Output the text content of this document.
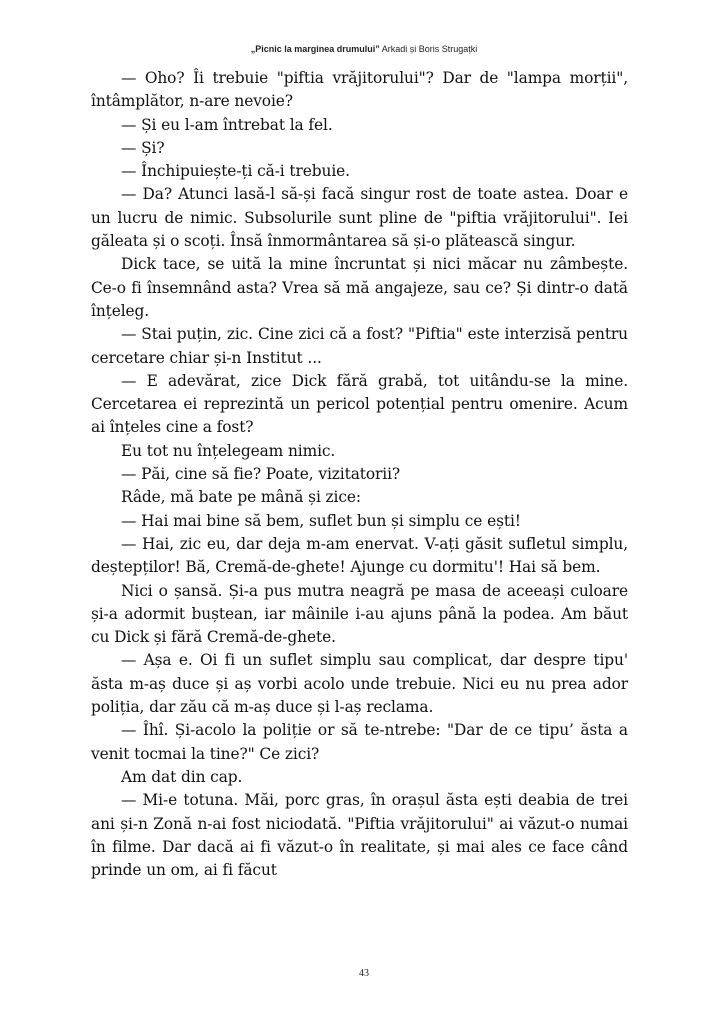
„Picnic la marginea drumului” Arkadi și Boris Strugațki

— Oho? Îi trebuie "piftia vrăjitorului"? Dar de "lampa morții", întâmplător, n-are nevoie?

— Și eu l-am întrebat la fel.

— Și?

— Închipuiește-ți că-i trebuie.

— Da? Atunci lasă-l să-și facă singur rost de toate astea. Doar e un lucru de nimic. Subsolurile sunt pline de "piftia vrăjitorului". Iei găleata și o scoți. Însă înmormântarea să și-o plătească singur.

Dick tace, se uită la mine încruntat și nici măcar nu zâmbește. Ce-o fi însemnând asta? Vrea să mă angajeze, sau ce? Și dintr-o dată înțeleg.

— Stai puțin, zic. Cine zici că a fost? "Piftia" este interzisă pentru cercetare chiar și-n Institut ...

— E adevărat, zice Dick fără grabă, tot uitându-se la mine. Cercetarea ei reprezintă un pericol potențial pentru omenire. Acum ai înțeles cine a fost?

Eu tot nu înțelegeam nimic.

— Păi, cine să fie? Poate, vizitatorii?

Râde, mă bate pe mână și zice:

— Hai mai bine să bem, suflet bun și simplu ce ești!

— Hai, zic eu, dar deja m-am enervat. V-ați găsit sufletul simplu, deștepților! Bă, Cremă-de-ghete! Ajunge cu dormitu'! Hai să bem.

Nici o șansă. Și-a pus mutra neagră pe masa de aceeași culoare și-a adormit buștean, iar mâinile i-au ajuns până la podea. Am băut cu Dick și fără Cremă-de-ghete.

— Așa e. Oi fi un suflet simplu sau complicat, dar despre tipu' ăsta m-aș duce și aș vorbi acolo unde trebuie. Nici eu nu prea ador poliția, dar zău că m-aș duce și l-aș reclama.

— Îhî. Și-acolo la poliție or să te-ntrebe: "Dar de ce tipu’ ăsta a venit tocmai la tine?" Ce zici?

Am dat din cap.

— Mi-e totuna. Măi, porc gras, în orașul ăsta ești deabia de trei ani și-n Zonă n-ai fost niciodată. "Piftia vrăjitorului" ai văzut-o numai în filme. Dar dacă ai fi văzut-o în realitate, și mai ales ce face când prinde un om, ai fi făcut

43
